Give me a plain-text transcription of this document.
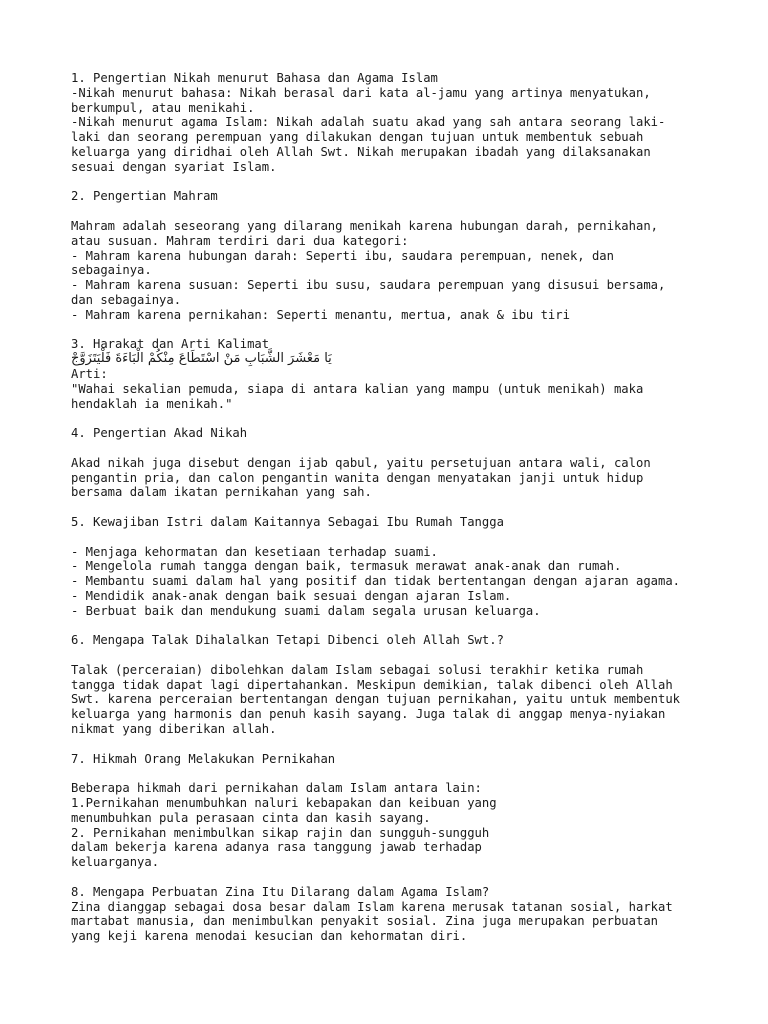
1. Pengertian Nikah menurut Bahasa dan Agama Islam
-Nikah menurut bahasa: Nikah berasal dari kata al-jamu yang artinya menyatukan,
berkumpul, atau menikahi.
-Nikah menurut agama Islam: Nikah adalah suatu akad yang sah antara seorang laki-
laki dan seorang perempuan yang dilakukan dengan tujuan untuk membentuk sebuah
keluarga yang diridhai oleh Allah Swt. Nikah merupakan ibadah yang dilaksanakan
sesuai dengan syariat Islam.
2. Pengertian Mahram
Mahram adalah seseorang yang dilarang menikah karena hubungan darah, pernikahan,
atau susuan. Mahram terdiri dari dua kategori:
- Mahram karena hubungan darah: Seperti ibu, saudara perempuan, nenek, dan
sebagainya.
- Mahram karena susuan: Seperti ibu susu, saudara perempuan yang disusui bersama,
dan sebagainya.
- Mahram karena pernikahan: Seperti menantu, mertua, anak & ibu tiri
3. Harakat dan Arti Kalimat
يَا مَعْشَرَ الشَّبَابِ مَنْ اسْتَطَاعَ مِنْكُمْ الْبَاءَةَ فَلْيَتَزَوَّجْ
Arti:
"Wahai sekalian pemuda, siapa di antara kalian yang mampu (untuk menikah) maka
hendaklah ia menikah."
4. Pengertian Akad Nikah
Akad nikah juga disebut dengan ijab qabul, yaitu persetujuan antara wali, calon
pengantin pria, dan calon pengantin wanita dengan menyatakan janji untuk hidup
bersama dalam ikatan pernikahan yang sah.
5. Kewajiban Istri dalam Kaitannya Sebagai Ibu Rumah Tangga
- Menjaga kehormatan dan kesetiaan terhadap suami.
- Mengelola rumah tangga dengan baik, termasuk merawat anak-anak dan rumah.
- Membantu suami dalam hal yang positif dan tidak bertentangan dengan ajaran agama.
- Mendidik anak-anak dengan baik sesuai dengan ajaran Islam.
- Berbuat baik dan mendukung suami dalam segala urusan keluarga.
6. Mengapa Talak Dihalalkan Tetapi Dibenci oleh Allah Swt.?
Talak (perceraian) dibolehkan dalam Islam sebagai solusi terakhir ketika rumah
tangga tidak dapat lagi dipertahankan. Meskipun demikian, talak dibenci oleh Allah
Swt. karena perceraian bertentangan dengan tujuan pernikahan, yaitu untuk membentuk
keluarga yang harmonis dan penuh kasih sayang. Juga talak di anggap menya-nyiakan
nikmat yang diberikan allah.
7. Hikmah Orang Melakukan Pernikahan
Beberapa hikmah dari pernikahan dalam Islam antara lain:
1.Pernikahan menumbuhkan naluri kebapakan dan keibuan yang
menumbuhkan pula perasaan cinta dan kasih sayang.
2. Pernikahan menimbulkan sikap rajin dan sungguh-sungguh
dalam bekerja karena adanya rasa tanggung jawab terhadap
keluarganya.
8. Mengapa Perbuatan Zina Itu Dilarang dalam Agama Islam?
Zina dianggap sebagai dosa besar dalam Islam karena merusak tatanan sosial, harkat
martabat manusia, dan menimbulkan penyakit sosial. Zina juga merupakan perbuatan
yang keji karena menodai kesucian dan kehormatan diri.
